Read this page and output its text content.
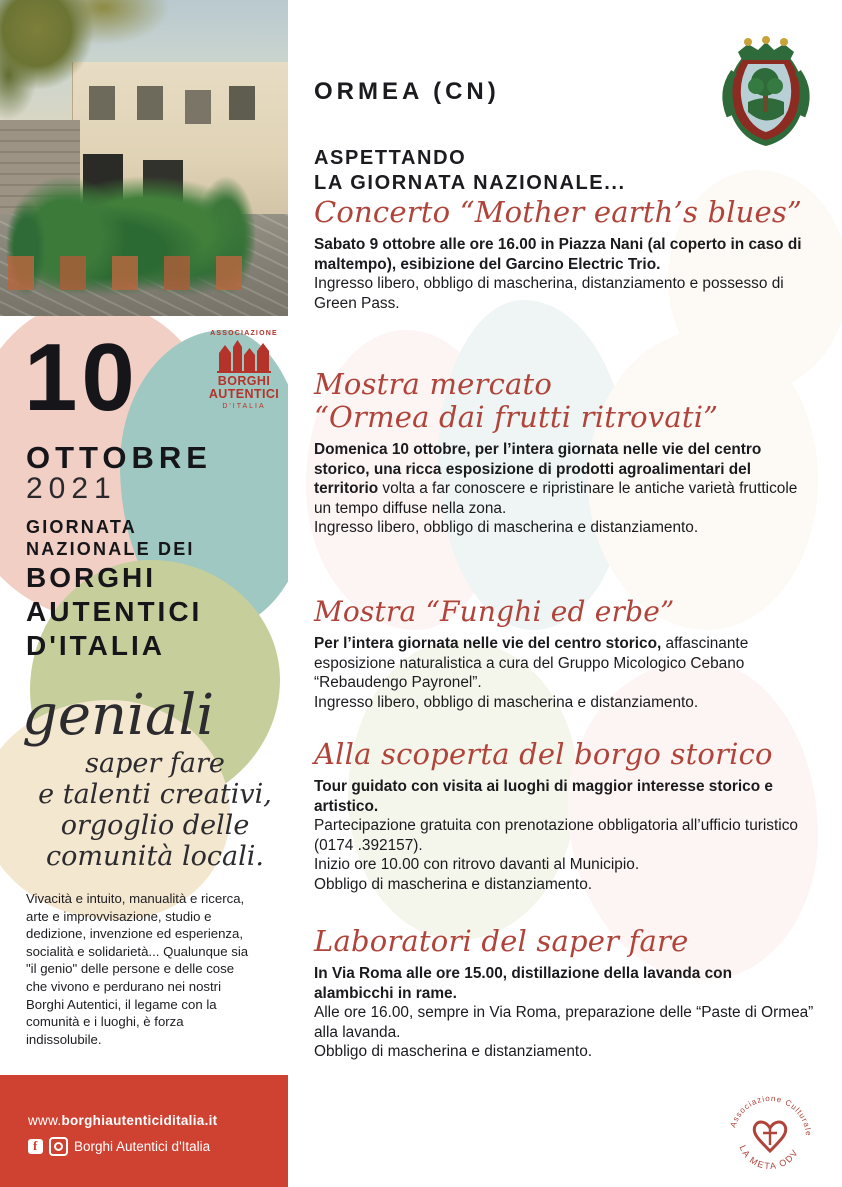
10
OTTOBRE
2021
GIORNATA
NAZIONALE DEI
BORGHI
AUTENTICI
D'ITALIA
ASSOCIAZIONE
BORGHI
AUTENTICI
D'ITALIA
geniali
saper fare
e talenti creativi,
orgoglio delle
comunità locali.
Vivacità e intuito, manualità e ricerca, arte e improvvisazione, studio e dedizione, invenzione ed esperienza, socialità e solidarietà... Qualunque sia "il genio" delle persone e delle cose che vivono e perdurano nei nostri Borghi Autentici, il legame con la comunità e i luoghi, è forza indissolubile.
www.borghiautenticiditalia.it
f
Borghi Autentici d'Italia
ORMEA (CN)
ASPETTANDO
LA GIORNATA NAZIONALE...
Concerto “Mother earth’s blues”

Sabato 9 ottobre alle ore 16.00 in Piazza Nani (al coperto in caso di maltempo), esibizione del Garcino Electric Trio.
Ingresso libero, obbligo di mascherina, distanziamento e possesso di Green Pass.

Mostra mercato
“Ormea dai frutti ritrovati”

Domenica 10 ottobre, per l’intera giornata nelle vie del centro storico, una ricca esposizione di prodotti agroalimentari del territorio volta a far conoscere e ripristinare le antiche varietà frutticole un tempo diffuse nella zona.
Ingresso libero, obbligo di mascherina e distanziamento.

Mostra “Funghi ed erbe”

Per l’intera giornata nelle vie del centro storico, affascinante esposizione naturalistica a cura del Gruppo Micologico Cebano “Rebaudengo Payronel”.
Ingresso libero, obbligo di mascherina e distanziamento.

Alla scoperta del borgo storico

Tour guidato con visita ai luoghi di maggior interesse storico e artistico.
Partecipazione gratuita con prenotazione obbligatoria all’ufficio turistico (0174 .392157).
Inizio ore 10.00 con ritrovo davanti al Municipio.
Obbligo di mascherina e distanziamento.

Laboratori del saper fare

In Via Roma alle ore 15.00, distillazione della lavanda con alambicchi in rame.
Alle ore 16.00, sempre in Via Roma, preparazione delle “Paste di Ormea” alla lavanda.
Obbligo di mascherina e distanziamento.

Associazione Culturale
LA META ODV
